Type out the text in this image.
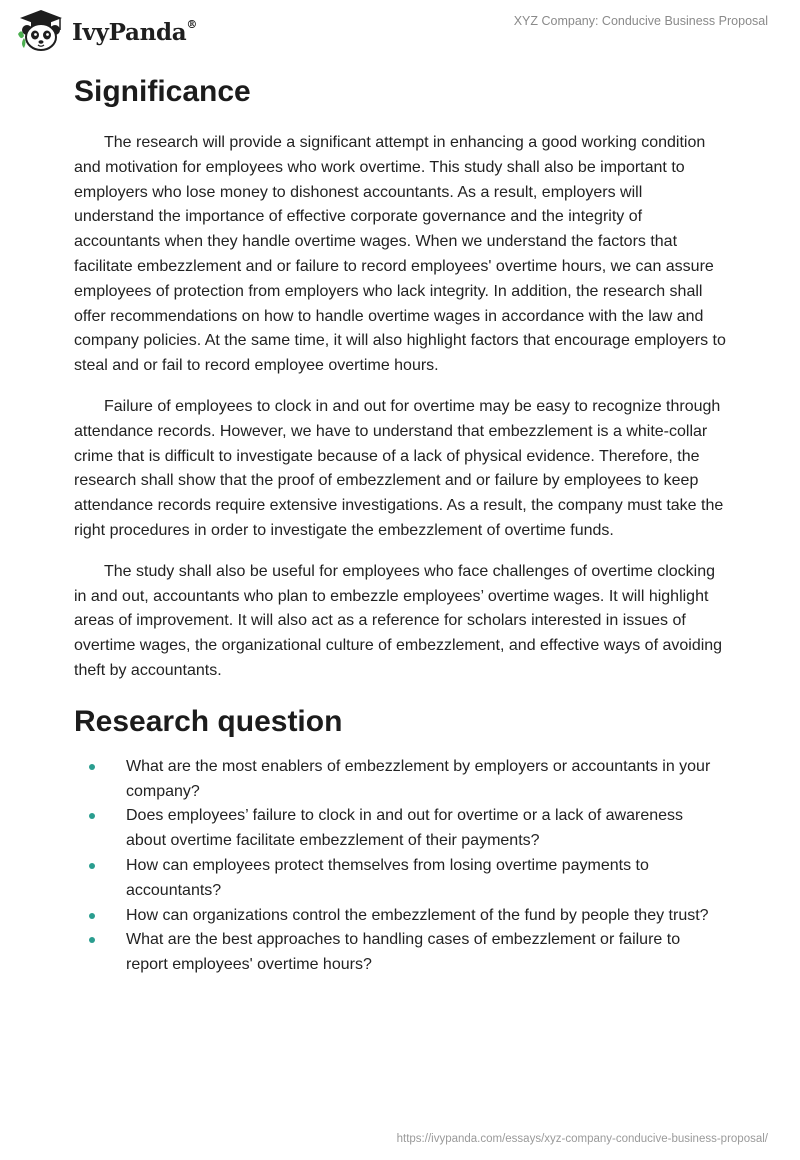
IvyPanda®	XYZ Company: Conducive Business Proposal
Significance

The research will provide a significant attempt in enhancing a good working condition and motivation for employees who work overtime. This study shall also be important to employers who lose money to dishonest accountants. As a result, employers will understand the importance of effective corporate governance and the integrity of accountants when they handle overtime wages. When we understand the factors that facilitate embezzlement and or failure to record employees' overtime hours, we can assure employees of protection from employers who lack integrity. In addition, the research shall offer recommendations on how to handle overtime wages in accordance with the law and company policies. At the same time, it will also highlight factors that encourage employers to steal and or fail to record employee overtime hours.

Failure of employees to clock in and out for overtime may be easy to recognize through attendance records. However, we have to understand that embezzlement is a white-collar crime that is difficult to investigate because of a lack of physical evidence. Therefore, the research shall show that the proof of embezzlement and or failure by employees to keep attendance records require extensive investigations. As a result, the company must take the right procedures in order to investigate the embezzlement of overtime funds.

The study shall also be useful for employees who face challenges of overtime clocking in and out, accountants who plan to embezzle employees’ overtime wages. It will highlight areas of improvement. It will also act as a reference for scholars interested in issues of overtime wages, the organizational culture of embezzlement, and effective ways of avoiding theft by accountants.

Research question
What are the most enablers of embezzlement by employers or accountants in your company?
Does employees’ failure to clock in and out for overtime or a lack of awareness about overtime facilitate embezzlement of their payments?
How can employees protect themselves from losing overtime payments to accountants?
How can organizations control the embezzlement of the fund by people they trust?
What are the best approaches to handling cases of embezzlement or failure to report employees' overtime hours?
https://ivypanda.com/essays/xyz-company-conducive-business-proposal/
